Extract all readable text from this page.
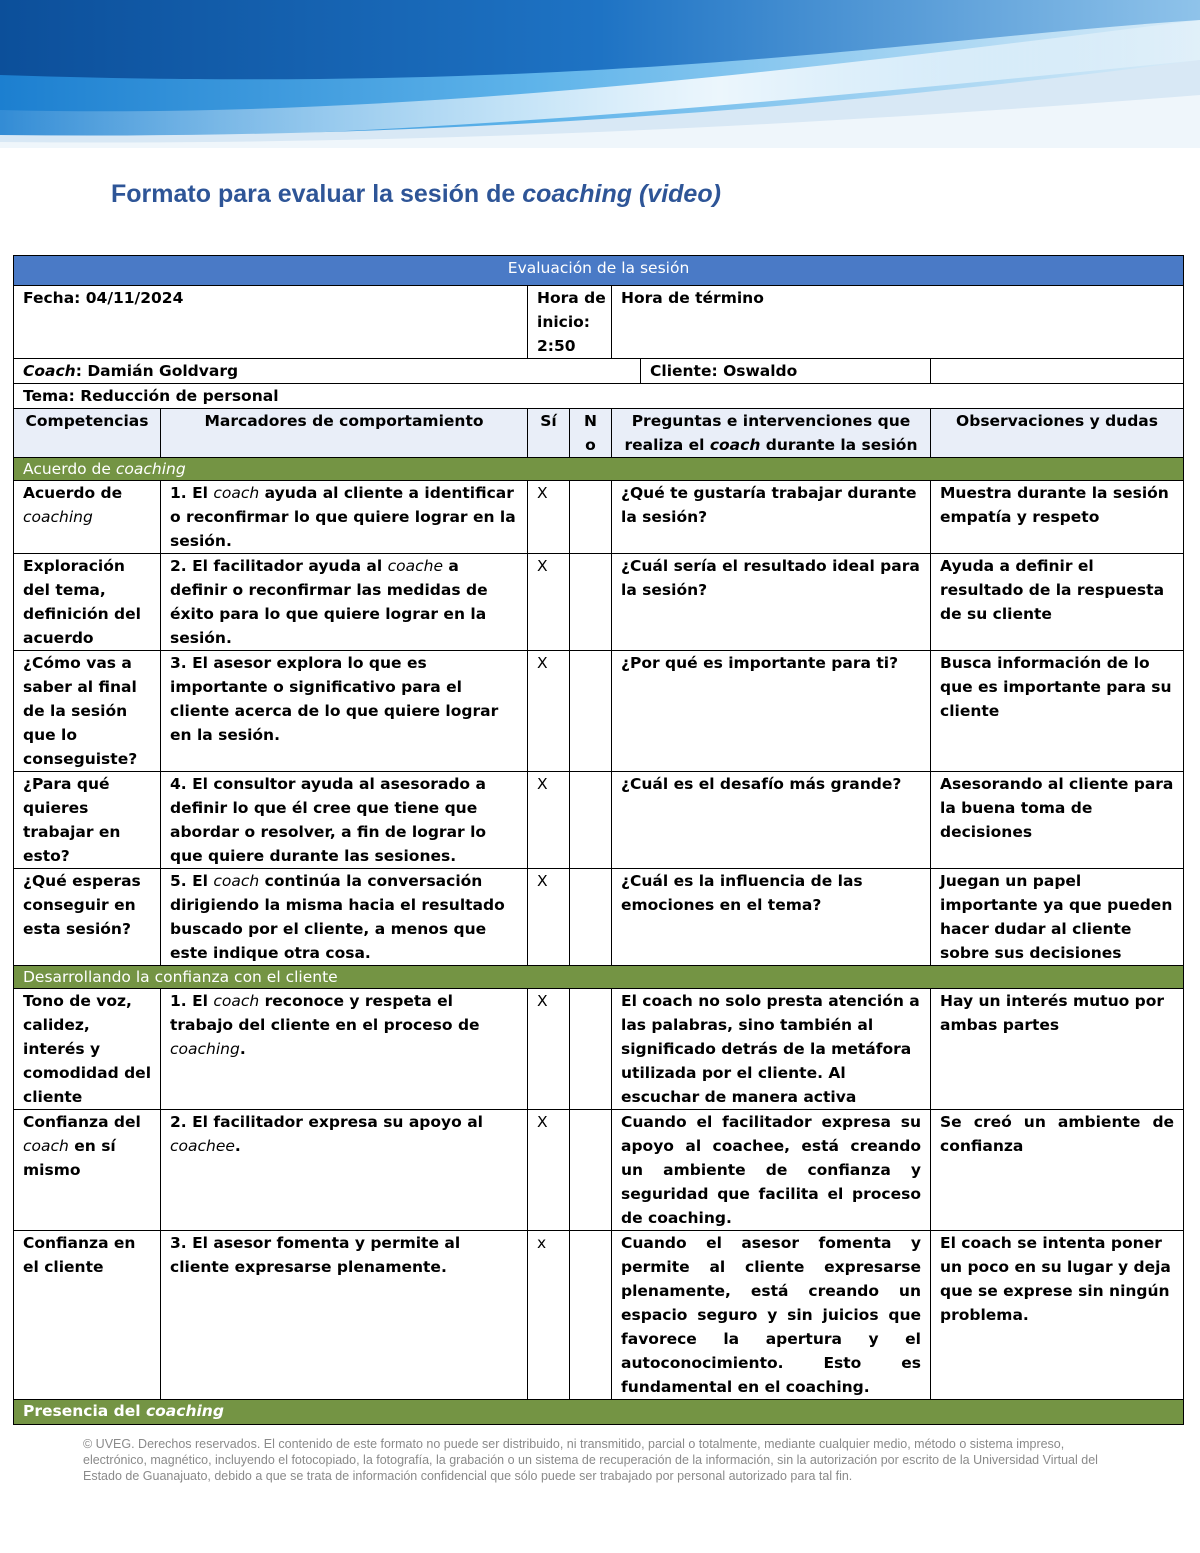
Formato para evaluar la sesión de coaching (video)
Evaluación de la sesión					
Fecha: 04/11/2024		Hora de inicio: 2:50		Hora de término	
Coach: Damián Goldvarg Cliente: Oswaldo					

Tema: Reducción de personal					
Competencias	Marcadores de comportamiento	Sí	No	Preguntas e intervenciones que realiza el coach durante la sesión	Observaciones y dudas
Acuerdo de coaching					
Acuerdo de coaching	1. El coach ayuda al cliente a identificar o reconfirmar lo que quiere lograr en la sesión.	X		¿Qué te gustaría trabajar durante la sesión?	Muestra durante la sesión empatía y respeto
Exploración del tema, definición del acuerdo	2. El facilitador ayuda al coache a definir o reconfirmar las medidas de éxito para lo que quiere lograr en la sesión.	X		¿Cuál sería el resultado ideal para la sesión?	Ayuda a definir el resultado de la respuesta de su cliente
¿Cómo vas a saber al final de la sesión que lo conseguiste?	3. El asesor explora lo que es importante o significativo para el cliente acerca de lo que quiere lograr en la sesión.	X		¿Por qué es importante para ti?	Busca información de lo que es importante para su cliente
¿Para qué quieres trabajar en esto?	4. El consultor ayuda al asesorado a definir lo que él cree que tiene que abordar o resolver, a fin de lograr lo que quiere durante las sesiones.	X		¿Cuál es el desafío más grande?	Asesorando al cliente para la buena toma de decisiones
¿Qué esperas conseguir en esta sesión?	5. El coach continúa la conversación dirigiendo la misma hacia el resultado buscado por el cliente, a menos que este indique otra cosa.	X		¿Cuál es la influencia de las emociones en el tema?	Juegan un papel importante ya que pueden hacer dudar al cliente sobre sus decisiones
Desarrollando la confianza con el cliente					
Tono de voz, calidez, interés y comodidad del cliente	1. El coach reconoce y respeta el trabajo del cliente en el proceso de coaching.	X		El coach no solo presta atención a las palabras, sino también al significado detrás de la metáfora utilizada por el cliente. Al escuchar de manera activa	Hay un interés mutuo por ambas partes
Confianza del coach en sí mismo	2. El facilitador expresa su apoyo al coachee.	X		Cuando el facilitador expresa su apoyo al coachee, está creando un ambiente de confianza y seguridad que facilita el proceso de coaching.	Se creó un ambiente de confianza
Confianza en el cliente	3. El asesor fomenta y permite al cliente expresarse plenamente.	x		Cuando el asesor fomenta y permite al cliente expresarse plenamente, está creando un espacio seguro y sin juicios que favorece la apertura y el autoconocimiento. Esto es fundamental en el coaching.	El coach se intenta poner un poco en su lugar y deja que se exprese sin ningún problema.
Presencia del coaching					
© UVEG. Derechos reservados. El contenido de este formato no puede ser distribuido, ni transmitido, parcial o totalmente, mediante cualquier medio, método o sistema impreso, electrónico, magnético, incluyendo el fotocopiado, la fotografía, la grabación o un sistema de recuperación de la información, sin la autorización por escrito de la Universidad Virtual del Estado de Guanajuato, debido a que se trata de información confidencial que sólo puede ser trabajado por personal autorizado para tal fin.
